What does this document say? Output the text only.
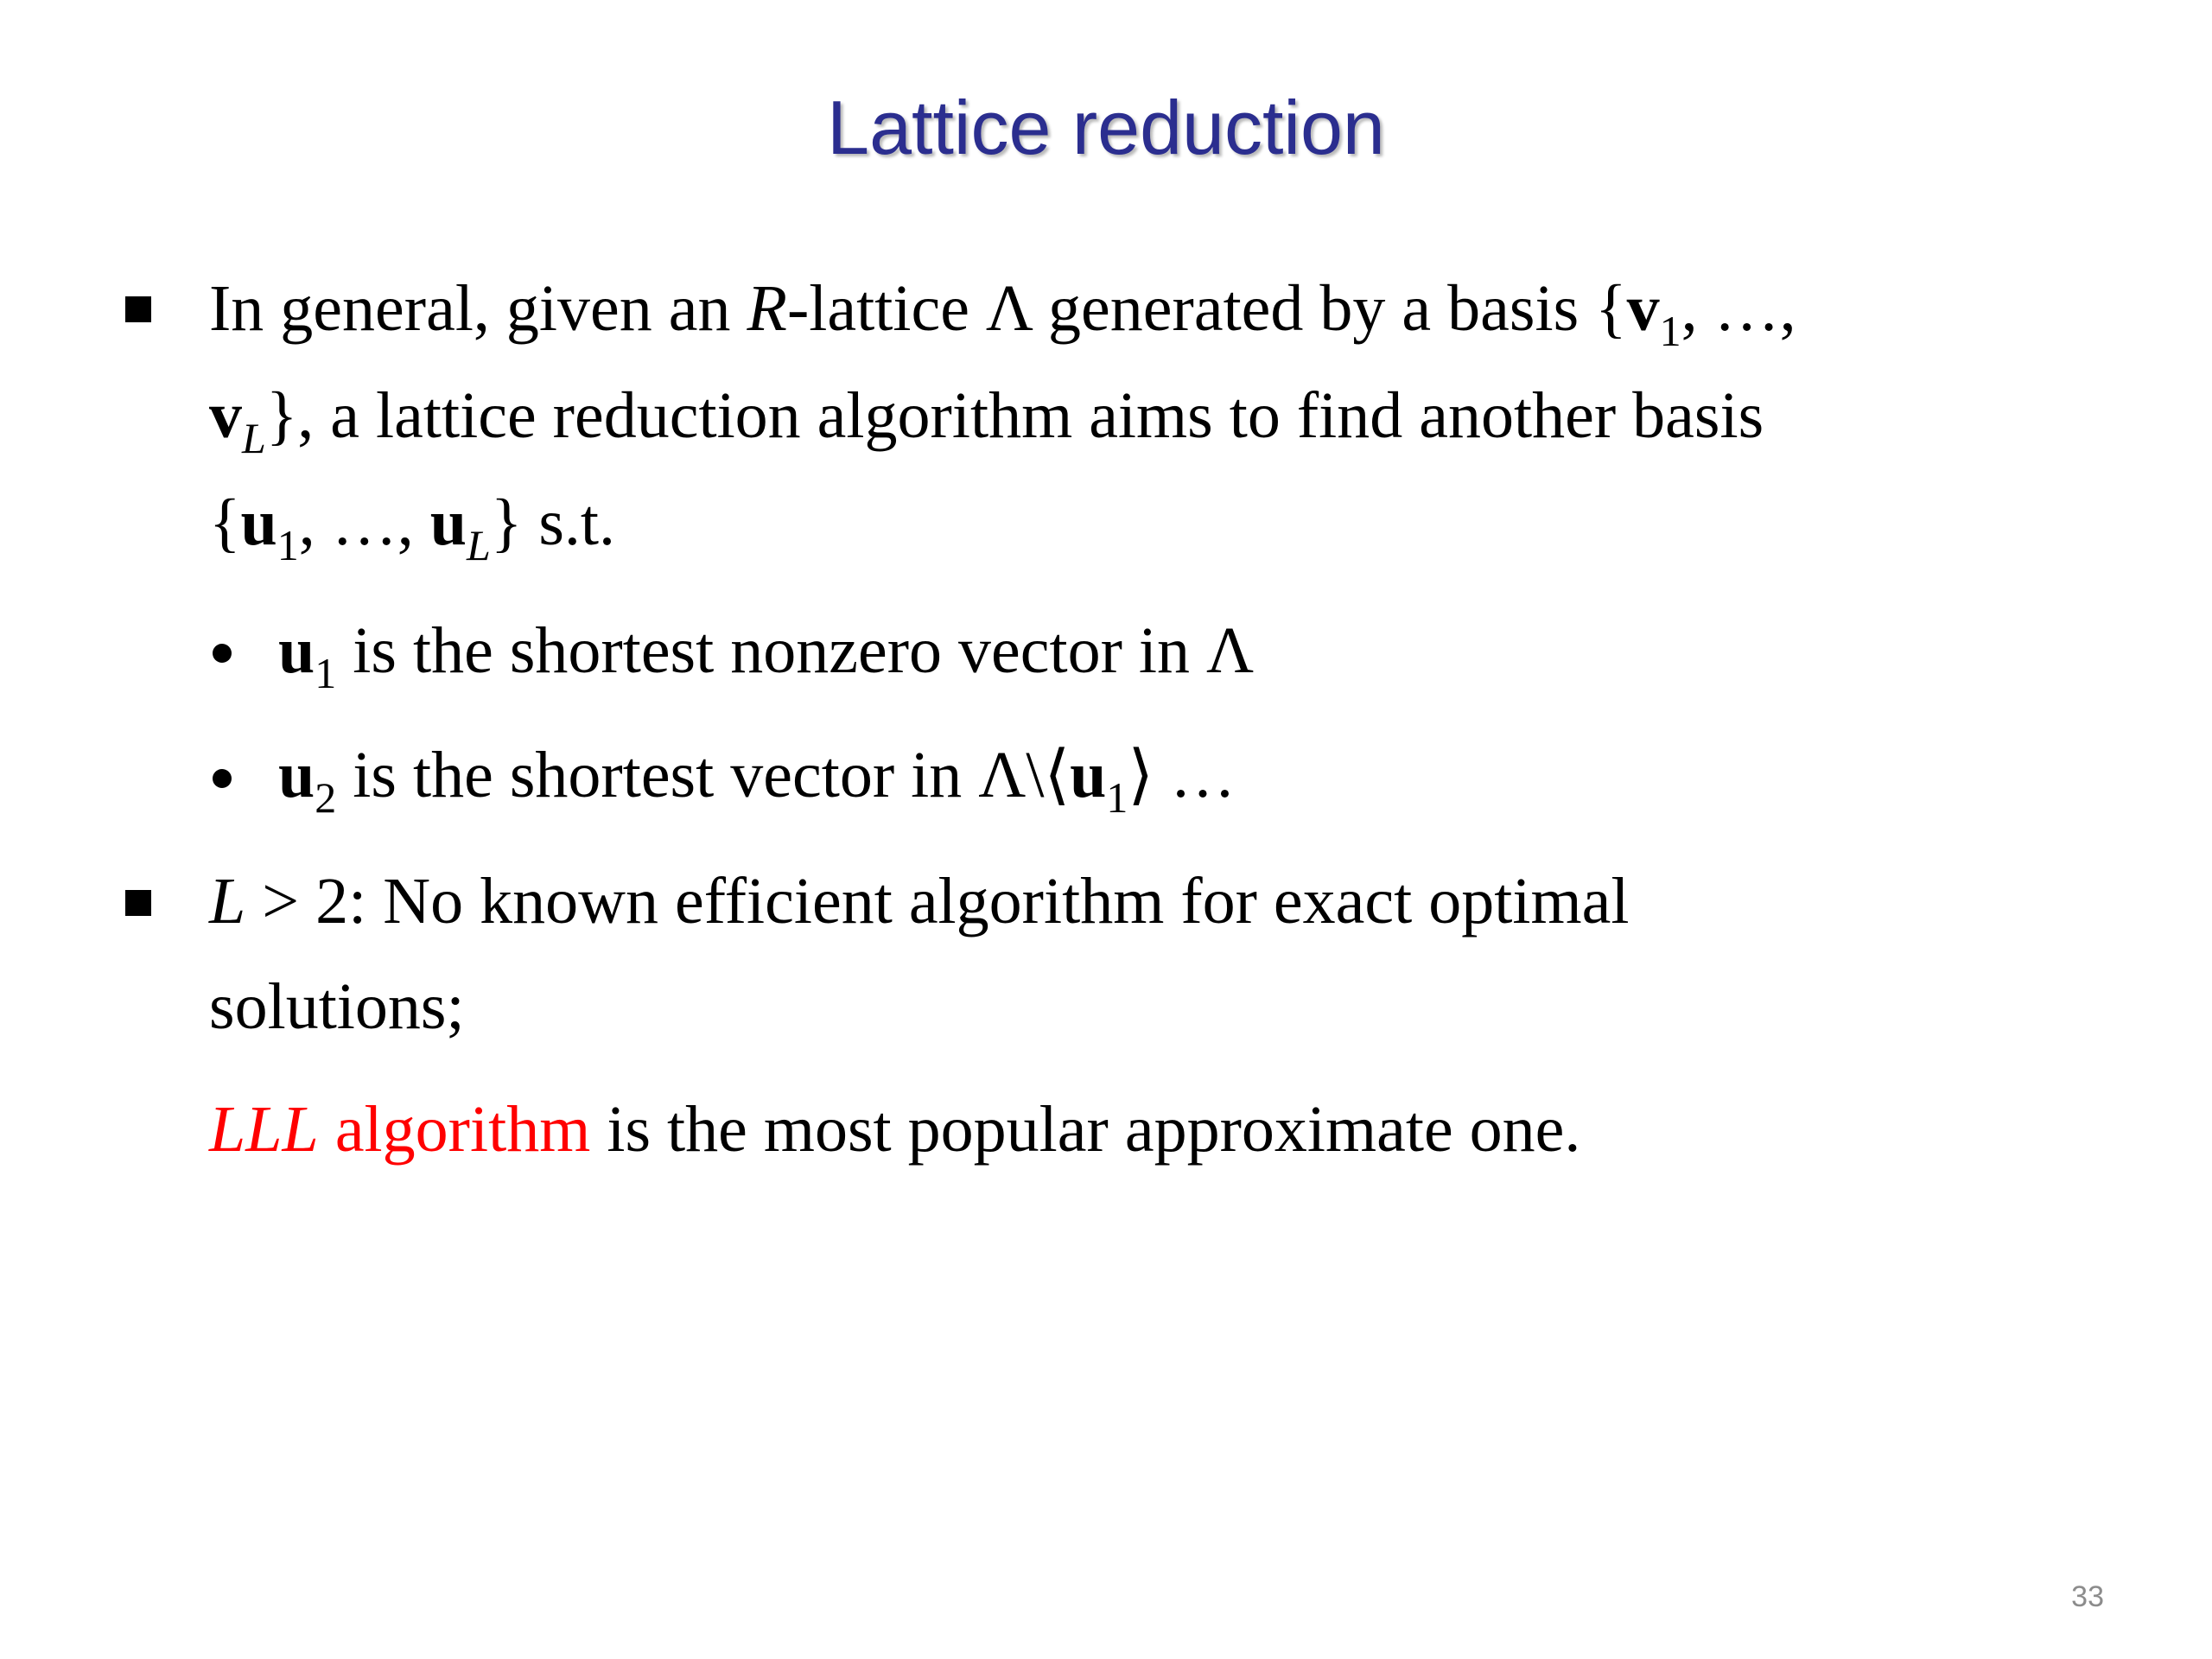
Lattice reduction
In general, given an R-lattice Λ generated by a basis {$v_1$, …,
$v_L$}, a lattice reduction algorithm aims to find another basis
{$u_1$, …, $u_L$} s.t.
$u_1$ is the shortest nonzero vector in Λ
$u_2$ is the shortest vector in $\Lambda\backslash⟨u_1⟩$ …
L > 2: No known efficient algorithm for exact optimal
solutions;
LLL algorithm is the most popular approximate one.
33
